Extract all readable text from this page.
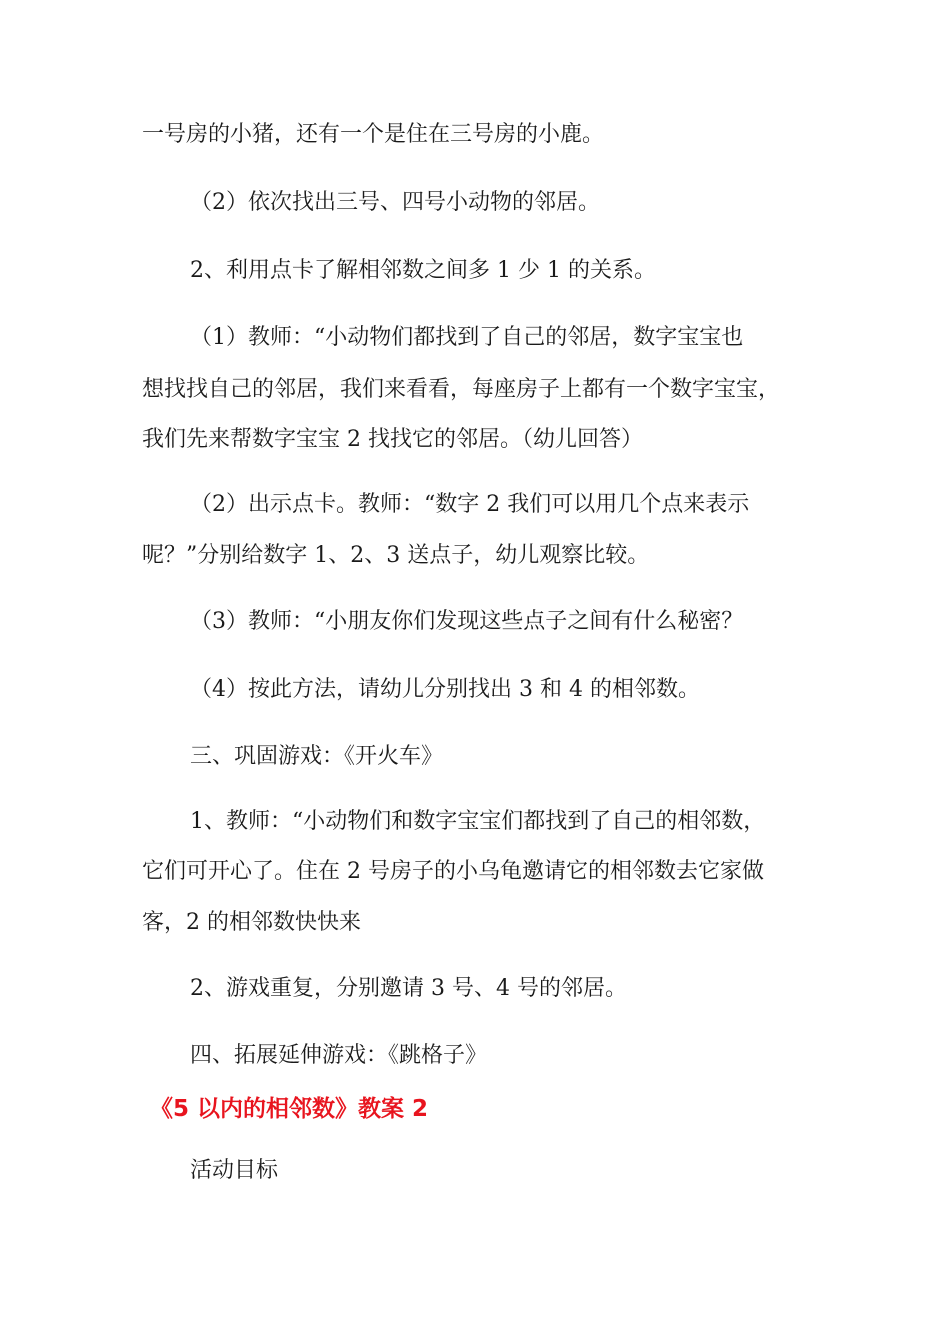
一号房的小猪，还有一个是住在三号房的小鹿。
（2）依次找出三号、四号小动物的邻居。
2、利用点卡了解相邻数之间多 1 少 1 的关系。
（1）教师：“小动物们都找到了自己的邻居，数字宝宝也
想找找自己的邻居，我们来看看，每座房子上都有一个数字宝宝，
我们先来帮数字宝宝 2 找找它的邻居。（幼儿回答）
（2）出示点卡。教师：“数字 2 我们可以用几个点来表示
呢？”分别给数字 1、2、3 送点子，幼儿观察比较。
（3）教师：“小朋友你们发现这些点子之间有什么秘密？
（4）按此方法，请幼儿分别找出 3 和 4 的相邻数。
三、巩固游戏：《开火车》
1、教师：“小动物们和数字宝宝们都找到了自己的相邻数，
它们可开心了。住在 2 号房子的小乌龟邀请它的相邻数去它家做
客，2 的相邻数快快来
2、游戏重复，分别邀请 3 号、4 号的邻居。
四、拓展延伸游戏：《跳格子》
《5 以内的相邻数》教案 2
活动目标
